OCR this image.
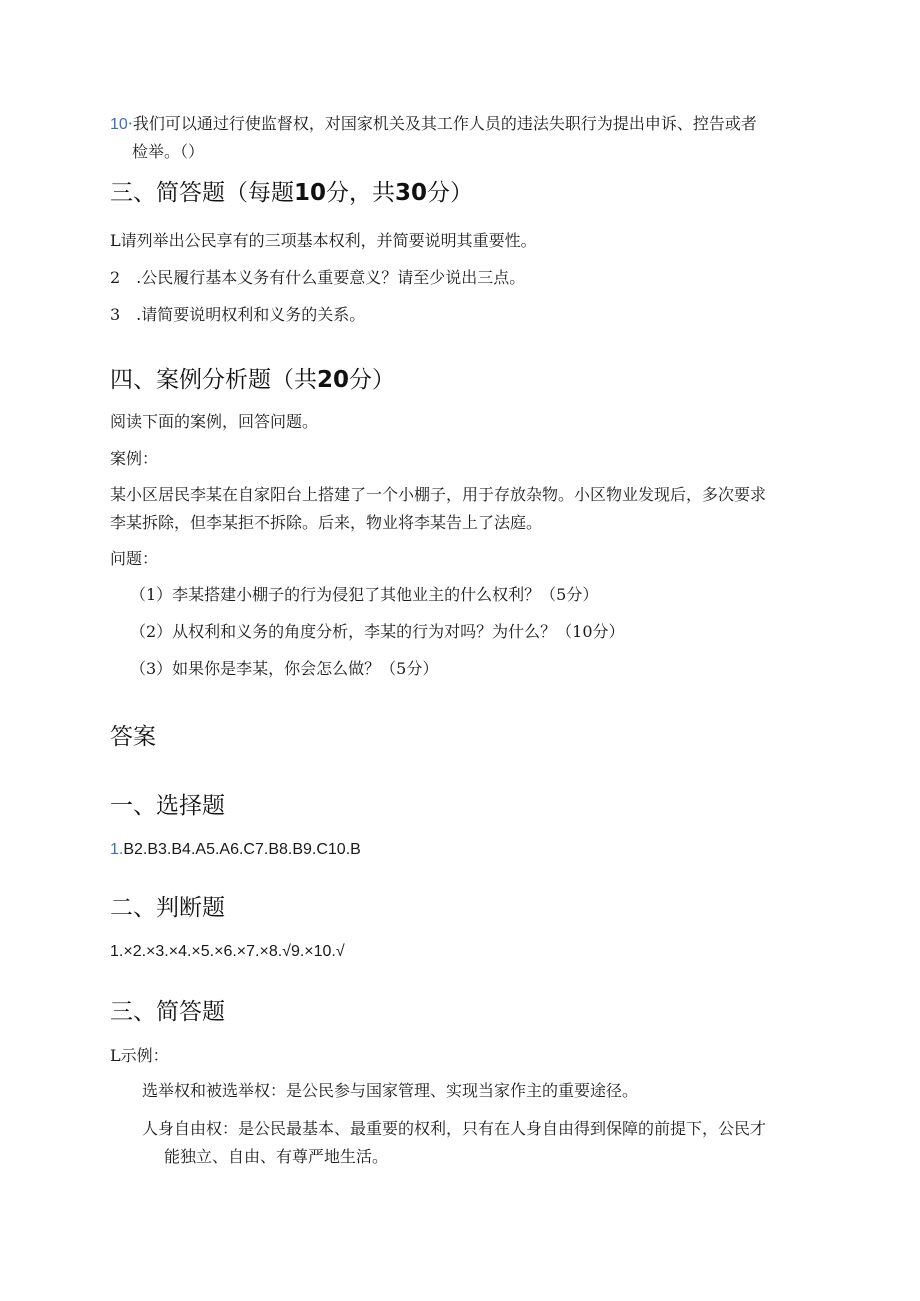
10·我们可以通过行使监督权，对国家机关及其工作人员的违法失职行为提出申诉、控告或者
检举。（）
三、简答题（每题10分，共30分）
L请列举出公民享有的三项基本权利，并简要说明其重要性。
2　.公民履行基本义务有什么重要意义？请至少说出三点。
3　.请简要说明权利和义务的关系。
四、案例分析题（共20分）
阅读下面的案例，回答问题。
案例：
某小区居民李某在自家阳台上搭建了一个小棚子，用于存放杂物。小区物业发现后，多次要求
李某拆除，但李某拒不拆除。后来，物业将李某告上了法庭。
问题：
（1）李某搭建小棚子的行为侵犯了其他业主的什么权利？（5分）
（2）从权利和义务的角度分析，李某的行为对吗？为什么？（10分）
（3）如果你是李某，你会怎么做？（5分）
答案
一、选择题
1.B2.B3.B4.A5.A6.C7.B8.B9.C10.B
二、判断题
1.×2.×3.×4.×5.×6.×7.×8.√9.×10.√
三、简答题
L示例：
选举权和被选举权：是公民参与国家管理、实现当家作主的重要途径。
人身自由权：是公民最基本、最重要的权利，只有在人身自由得到保障的前提下，公民才
能独立、自由、有尊严地生活。
